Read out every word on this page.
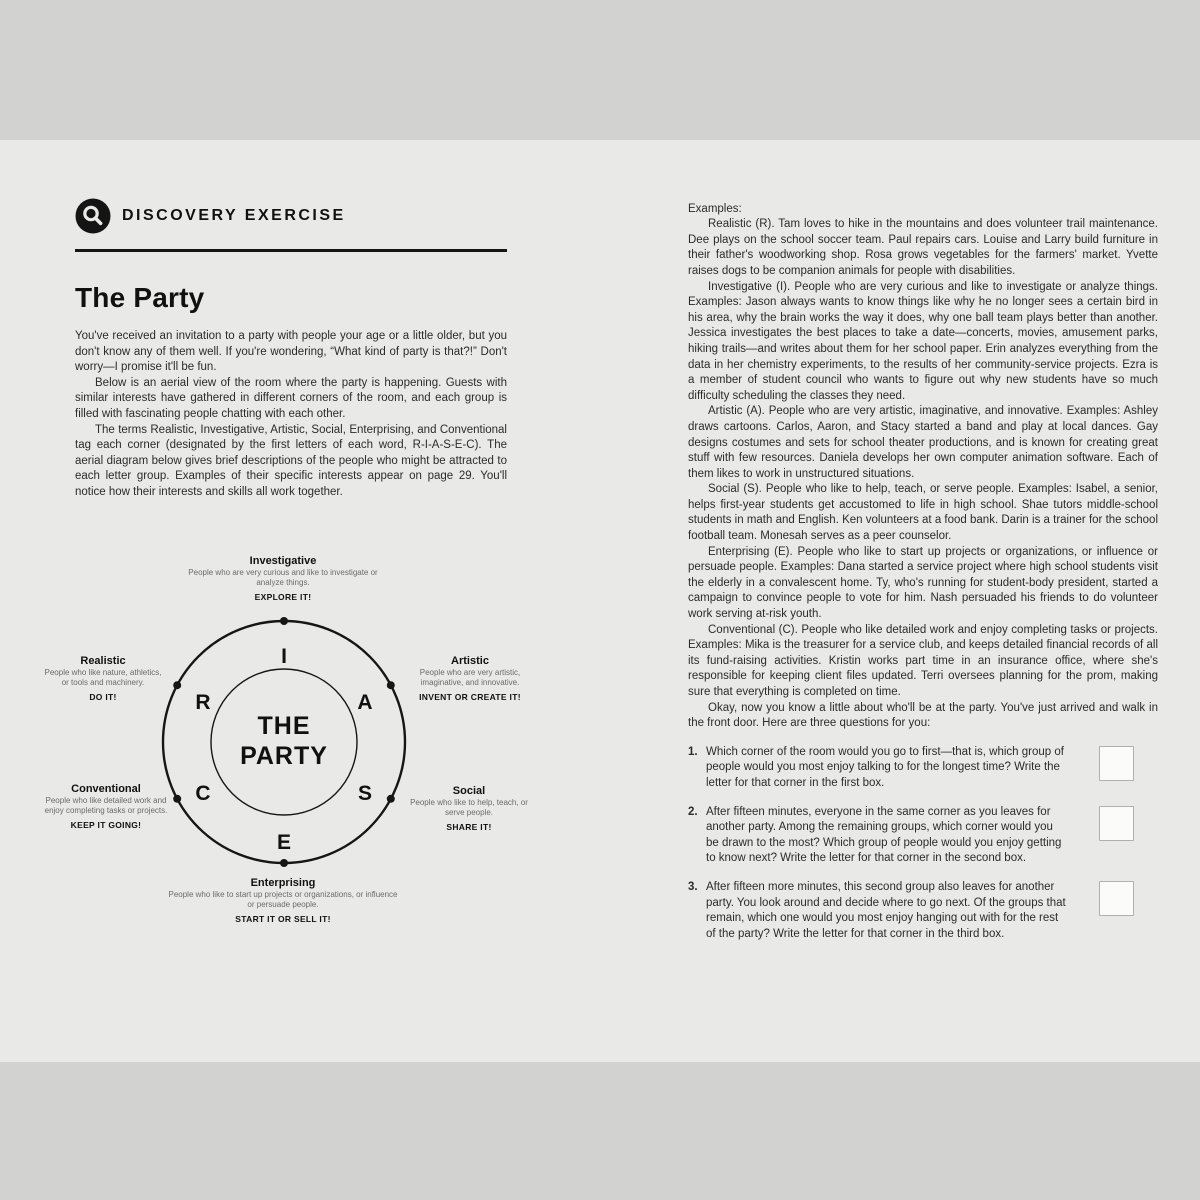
DISCOVERY EXERCISE
The Party

You've received an invitation to a party with people your age or a little older, but you don't know any of them well. If you're wondering, “What kind of party is that?!” Don't worry—I promise it'll be fun.

Below is an aerial view of the room where the party is happening. Guests with similar interests have gathered in different corners of the room, and each group is filled with fascinating people chatting with each other.

The terms Realistic, Investigative, Artistic, Social, Enterprising, and Conventional tag each corner (designated by the first letters of each word, R-I-A-S-E-C). The aerial diagram below gives brief descriptions of the people who might be attracted to each letter group. Examples of their specific interests appear on page 29. You'll notice how their interests and skills all work together.

Investigative
People who are very curious and like to investigate or analyze things.
EXPLORE IT!
Realistic
People who like nature, athletics, or tools and machinery.
DO IT!
Artistic
People who are very artistic, imaginative, and innovative.
INVENT OR CREATE IT!
Conventional
People who like detailed work and enjoy completing tasks or projects.
KEEP IT GOING!
Social
People who like to help, teach, or serve people.
SHARE IT!
Enterprising
People who like to start up projects or organizations, or influence or persuade people.
START IT OR SELL IT!
I
A
S
E
C
R
THE
PARTY

Examples:

Realistic (R). Tam loves to hike in the mountains and does volunteer trail maintenance. Dee plays on the school soccer team. Paul repairs cars. Louise and Larry build furniture in their father's woodworking shop. Rosa grows vegetables for the farmers' market. Yvette raises dogs to be companion animals for people with disabilities.

Investigative (I). People who are very curious and like to investigate or analyze things. Examples: Jason always wants to know things like why he no longer sees a certain bird in his area, why the brain works the way it does, why one ball team plays better than another. Jessica investigates the best places to take a date—concerts, movies, amusement parks, hiking trails—and writes about them for her school paper. Erin analyzes everything from the data in her chemistry experiments, to the results of her community-service projects. Ezra is a member of student council who wants to figure out why new students have so much difficulty scheduling the classes they need.

Artistic (A). People who are very artistic, imaginative, and innovative. Examples: Ashley draws cartoons. Carlos, Aaron, and Stacy started a band and play at local dances. Gay designs costumes and sets for school theater productions, and is known for creating great stuff with few resources. Daniela develops her own computer animation software. Each of them likes to work in unstructured situations.

Social (S). People who like to help, teach, or serve people. Examples: Isabel, a senior, helps first-year students get accustomed to life in high school. Shae tutors middle-school students in math and English. Ken volunteers at a food bank. Darin is a trainer for the school football team. Monesah serves as a peer counselor.

Enterprising (E). People who like to start up projects or organizations, or influence or persuade people. Examples: Dana started a service project where high school students visit the elderly in a convalescent home. Ty, who's running for student-body president, started a campaign to convince people to vote for him. Nash persuaded his friends to do volunteer work serving at-risk youth.

Conventional (C). People who like detailed work and enjoy completing tasks or projects. Examples: Mika is the treasurer for a service club, and keeps detailed financial records of all its fund-raising activities. Kristin works part time in an insurance office, where she's responsible for keeping client files updated. Terri oversees planning for the prom, making sure that everything is completed on time.

Okay, now you know a little about who'll be at the party. You've just arrived and walk in the front door. Here are three questions for you:

1. Which corner of the room would you go to first—that is, which group of people would you most enjoy talking to for the longest time? Write the letter for that corner in the first box.
2. After fifteen minutes, everyone in the same corner as you leaves for another party. Among the remaining groups, which corner would you be drawn to the most? Which group of people would you enjoy getting to know next? Write the letter for that corner in the second box.
3. After fifteen more minutes, this second group also leaves for another party. You look around and decide where to go next. Of the groups that remain, which one would you most enjoy hanging out with for the rest of the party? Write the letter for that corner in the third box.
